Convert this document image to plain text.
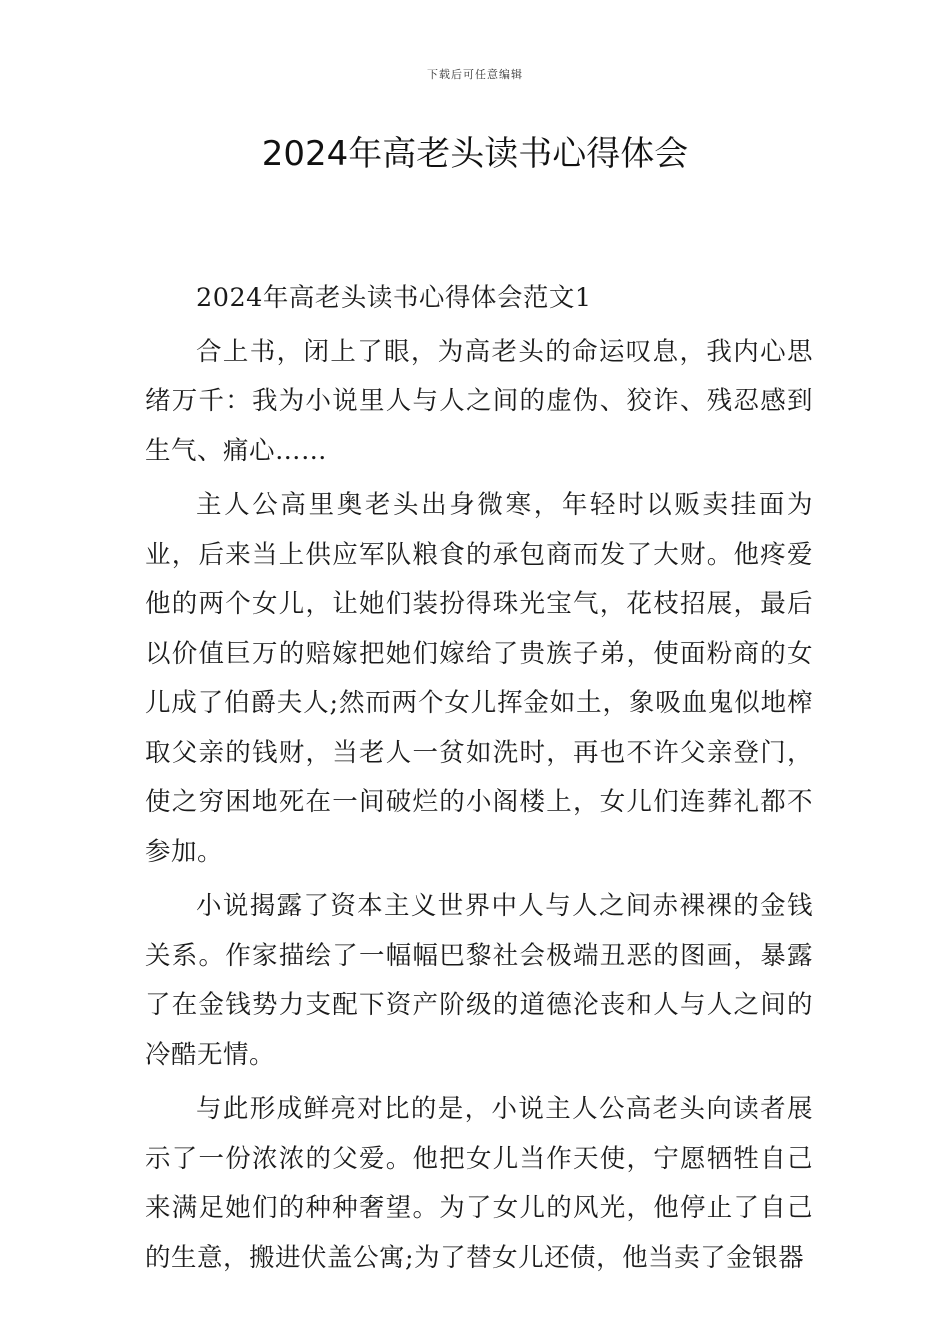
下载后可任意编辑
2024年高老头读书心得体会

2024年高老头读书心得体会范文1

合上书，闭上了眼，为高老头的命运叹息，我内心思绪万千：我为小说里人与人之间的虚伪、狡诈、残忍感到生气、痛心……

主人公高里奥老头出身微寒，年轻时以贩卖挂面为业，后来当上供应军队粮食的承包商而发了大财。他疼爱他的两个女儿，让她们装扮得珠光宝气，花枝招展，最后以价值巨万的赔嫁把她们嫁给了贵族子弟，使面粉商的女儿成了伯爵夫人;然而两个女儿挥金如土，象吸血鬼似地榨取父亲的钱财，当老人一贫如洗时，再也不许父亲登门，使之穷困地死在一间破烂的小阁楼上，女儿们连葬礼都不参加。

小说揭露了资本主义世界中人与人之间赤裸裸的金钱关系。作家描绘了一幅幅巴黎社会极端丑恶的图画，暴露了在金钱势力支配下资产阶级的道德沦丧和人与人之间的冷酷无情。

与此形成鲜亮对比的是，小说主人公高老头向读者展示了一份浓浓的父爱。他把女儿当作天使，宁愿牺牲自己来满足她们的种种奢望。为了女儿的风光，他停止了自己的生意，搬进伏盖公寓;为了替女儿还债，他当卖了金银器
